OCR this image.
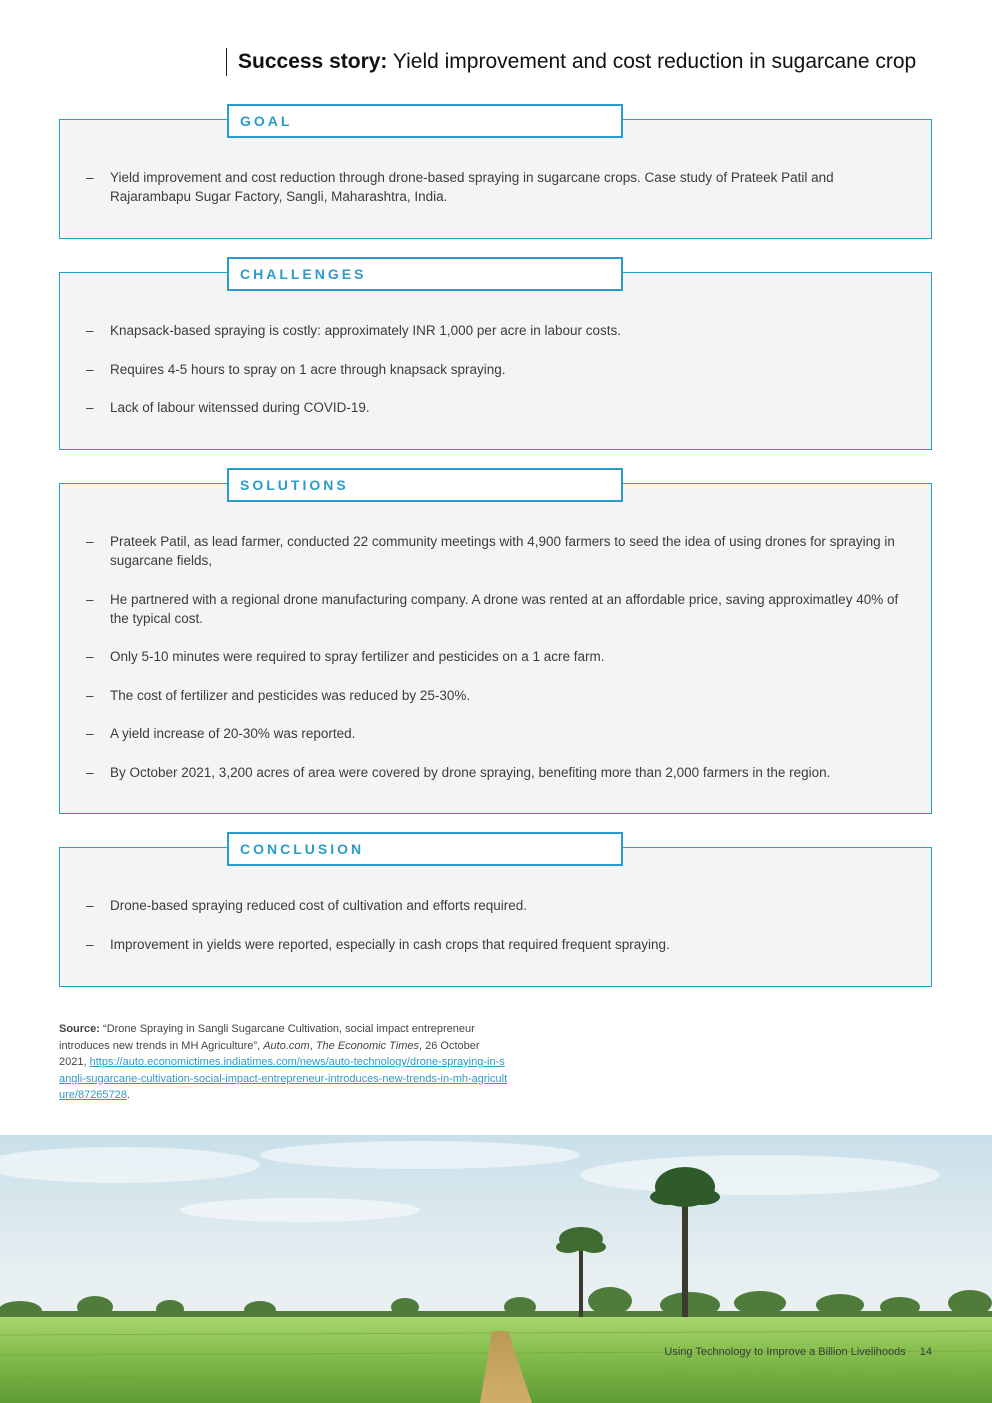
Success story: Yield improvement and cost reduction in sugarcane crop
GOAL
– Yield improvement and cost reduction through drone-based spraying in sugarcane crops. Case study of Prateek Patil and Rajarambapu Sugar Factory, Sangli, Maharashtra, India.
CHALLENGES
– Knapsack-based spraying is costly: approximately INR 1,000 per acre in labour costs.
– Requires 4-5 hours to spray on 1 acre through knapsack spraying.
– Lack of labour witenssed during COVID-19.
SOLUTIONS
– Prateek Patil, as lead farmer, conducted 22 community meetings with 4,900 farmers to seed the idea of using drones for spraying in sugarcane fields,
– He partnered with a regional drone manufacturing company. A drone was rented at an affordable price, saving approximatley 40% of the typical cost.
– Only 5-10 minutes were required to spray fertilizer and pesticides on a 1 acre farm.
– The cost of fertilizer and pesticides was reduced by 25-30%.
– A yield increase of 20-30% was reported.
– By October 2021, 3,200 acres of area were covered by drone spraying, benefiting more than 2,000 farmers in the region.
CONCLUSION
– Drone-based spraying reduced cost of cultivation and efforts required.
– Improvement in yields were reported, especially in cash crops that required frequent spraying.
Source: “Drone Spraying in Sangli Sugarcane Cultivation, social impact entrepreneur introduces new trends in MH Agriculture”, Auto.com, The Economic Times, 26 October 2021, https://auto.economictimes.indiatimes.com/news/auto-technology/drone-spraying-in-sangli-sugarcane-cultivation-social-impact-entrepreneur-introduces-new-trends-in-mh-agriculture/87265728.
Using Technology to Improve a Billion Livelihoods 14
